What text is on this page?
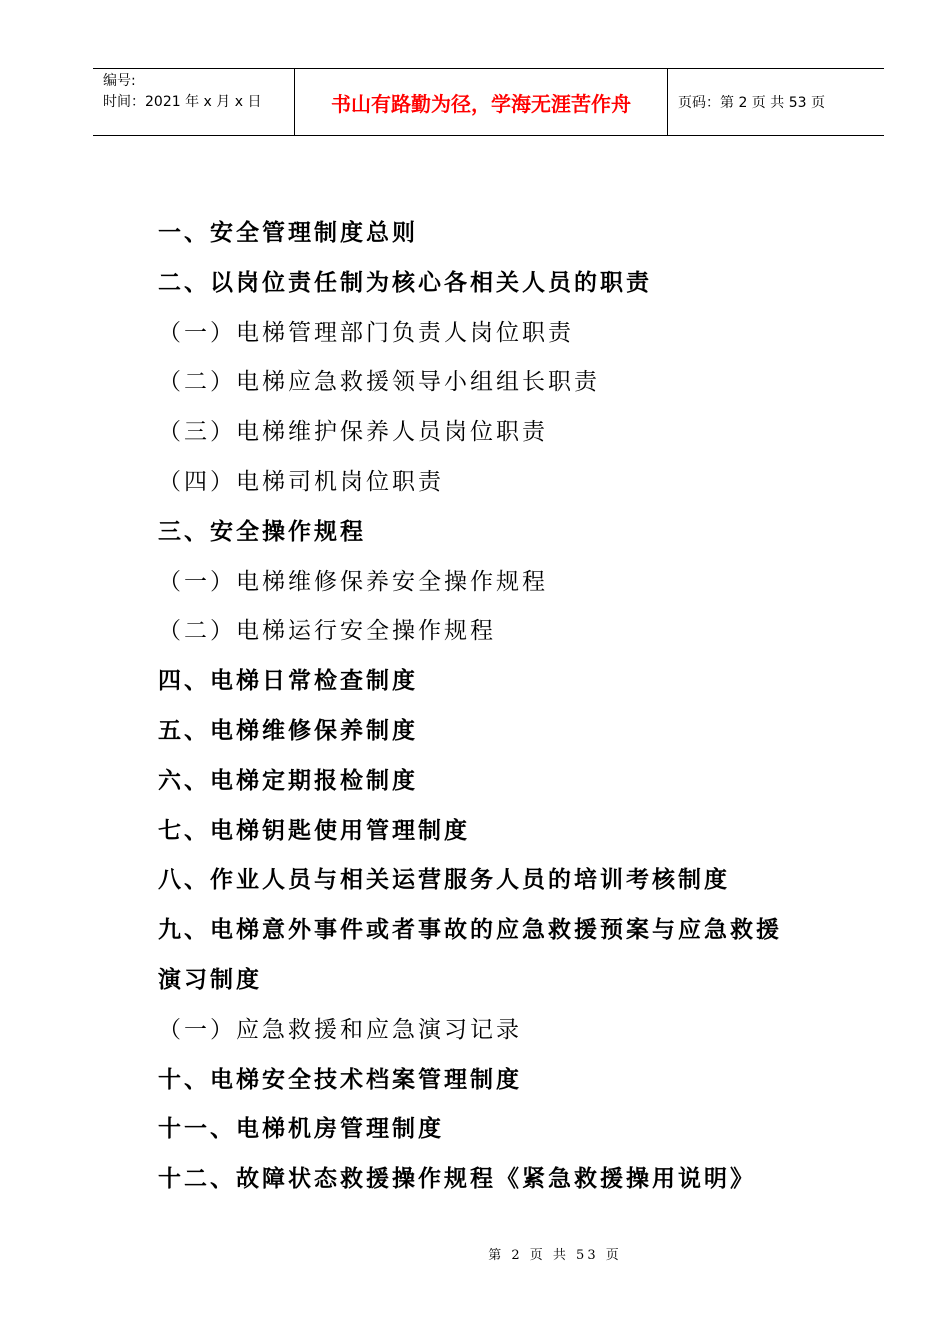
编号:
时间：2021 年 x 月 x 日	书山有路勤为径，学海无涯苦作舟	页码：第 2 页 共 53 页
一、安全管理制度总则
二、以岗位责任制为核心各相关人员的职责
（一）电梯管理部门负责人岗位职责
（二）电梯应急救援领导小组组长职责
（三）电梯维护保养人员岗位职责
（四）电梯司机岗位职责
三、安全操作规程
（一）电梯维修保养安全操作规程
（二）电梯运行安全操作规程
四、电梯日常检查制度
五、电梯维修保养制度
六、电梯定期报检制度
七、电梯钥匙使用管理制度
八、作业人员与相关运营服务人员的培训考核制度
九、电梯意外事件或者事故的应急救援预案与应急救援
演习制度
（一）应急救援和应急演习记录
十、电梯安全技术档案管理制度
十一、电梯机房管理制度
十二、故障状态救援操作规程《紧急救援操用说明》
第 2 页 共 53 页
